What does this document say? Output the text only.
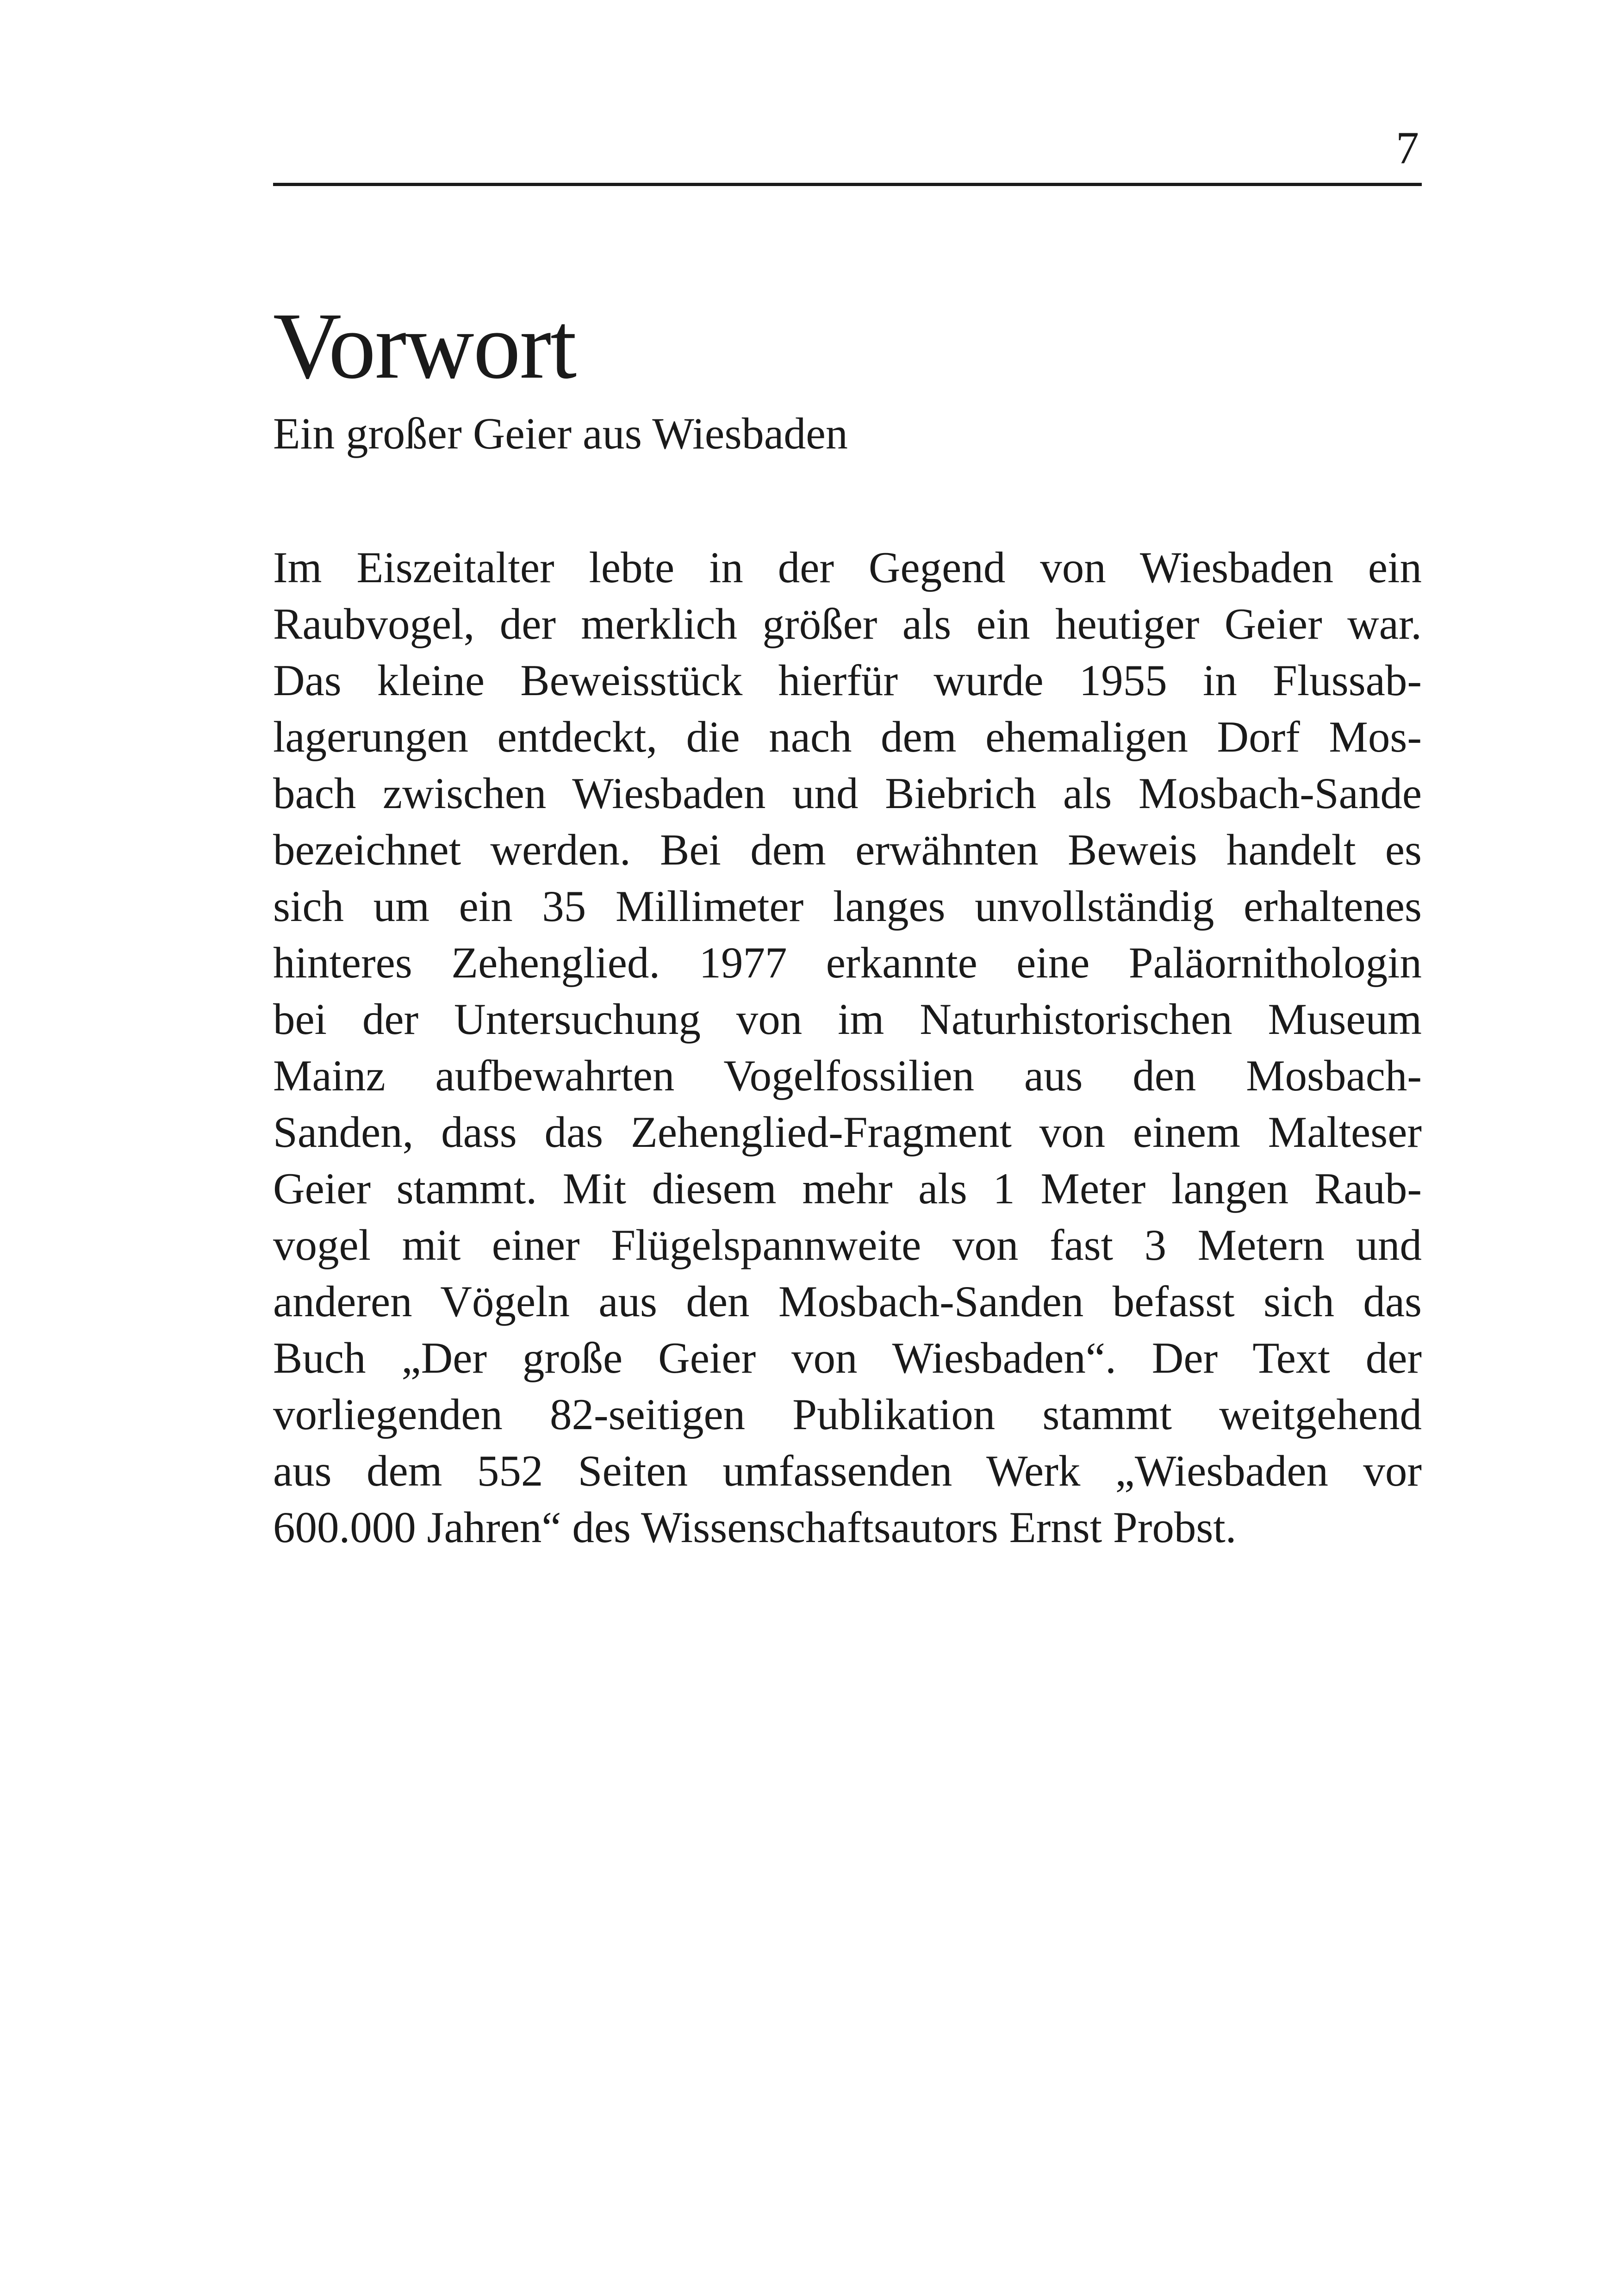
7
Vorwort
Ein großer Geier aus Wiesbaden
Im Eiszeitalter lebte in der Gegend von Wiesbaden ein
Raubvogel, der merklich größer als ein heutiger Geier war.
Das kleine Beweisstück hierfür wurde 1955 in Flussab-
lagerungen entdeckt, die nach dem ehemaligen Dorf Mos-
bach zwischen Wiesbaden und Biebrich als Mosbach-Sande
bezeichnet werden. Bei dem erwähnten Beweis handelt es
sich um ein 35 Millimeter langes unvollständig erhaltenes
hinteres Zehenglied. 1977 erkannte eine Paläornithologin
bei der Untersuchung von im Naturhistorischen Museum
Mainz aufbewahrten Vogelfossilien aus den Mosbach-
Sanden, dass das Zehenglied-Fragment von einem Malteser
Geier stammt. Mit diesem mehr als 1 Meter langen Raub-
vogel mit einer Flügelspannweite von fast 3 Metern und
anderen Vögeln aus den Mosbach-Sanden befasst sich das
Buch „Der große Geier von Wiesbaden“. Der Text der
vorliegenden 82-seitigen Publikation stammt weitgehend
aus dem 552 Seiten umfassenden Werk „Wiesbaden vor
600.000 Jahren“ des Wissenschaftsautors Ernst Probst.
